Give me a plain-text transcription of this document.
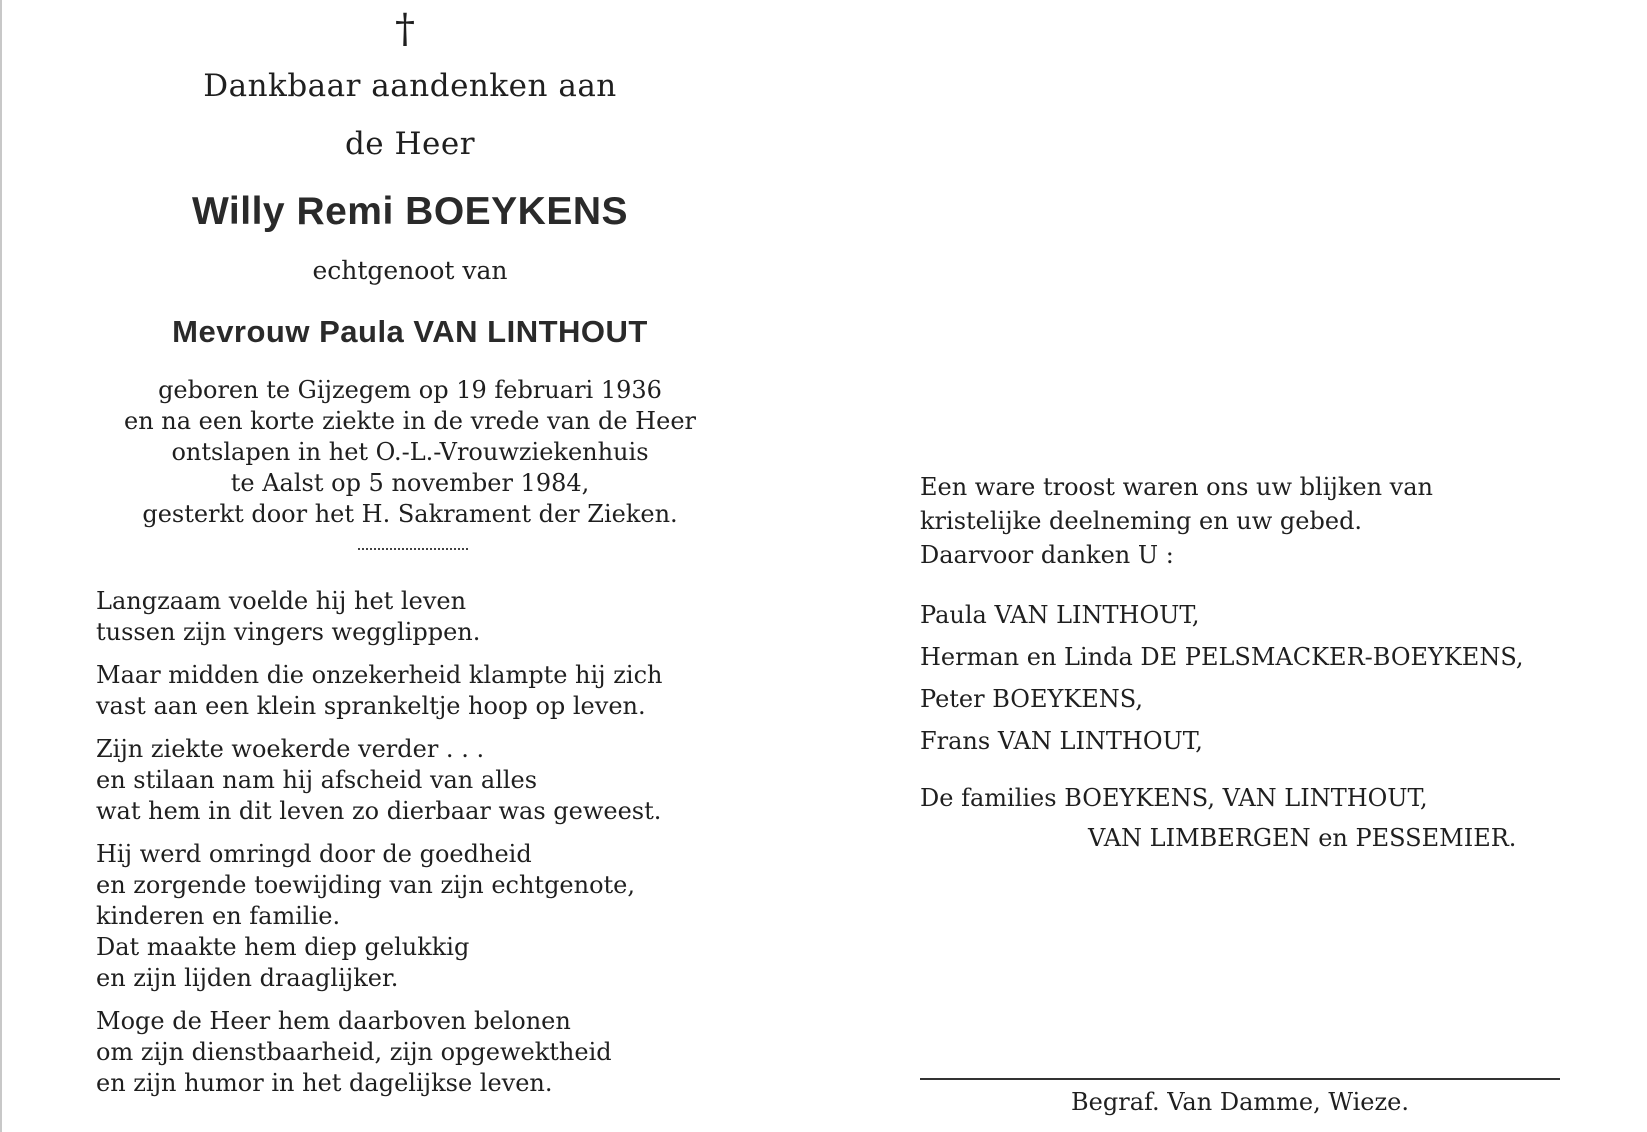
†
Dankbaar aandenken aan
de Heer
Willy Remi BOEYKENS
echtgenoot van
Mevrouw Paula VAN LINTHOUT
geboren te Gijzegem op 19 februari 1936
en na een korte ziekte in de vrede van de Heer
ontslapen in het O.-L.-Vrouwziekenhuis
te Aalst op 5 november 1984,
gesterkt door het H. Sakrament der Zieken.

Langzaam voelde hij het leven
tussen zijn vingers wegglippen.

Maar midden die onzekerheid klampte hij zich
vast aan een klein sprankeltje hoop op leven.

Zijn ziekte woekerde verder . . .
en stilaan nam hij afscheid van alles
wat hem in dit leven zo dierbaar was geweest.

Hij werd omringd door de goedheid
en zorgende toewijding van zijn echtgenote,
kinderen en familie.
Dat maakte hem diep gelukkig
en zijn lijden draaglijker.

Moge de Heer hem daarboven belonen
om zijn dienstbaarheid, zijn opgewektheid
en zijn humor in het dagelijkse leven.

Een ware troost waren ons uw blijken van
kristelijke deelneming en uw gebed.
Daarvoor danken U :
Paula VAN LINTHOUT,
Herman en Linda DE PELSMACKER-BOEYKENS,
Peter BOEYKENS,
Frans VAN LINTHOUT,
De families BOEYKENS, VAN LINTHOUT,
VAN LIMBERGEN en PESSEMIER.
Begraf. Van Damme, Wieze.
